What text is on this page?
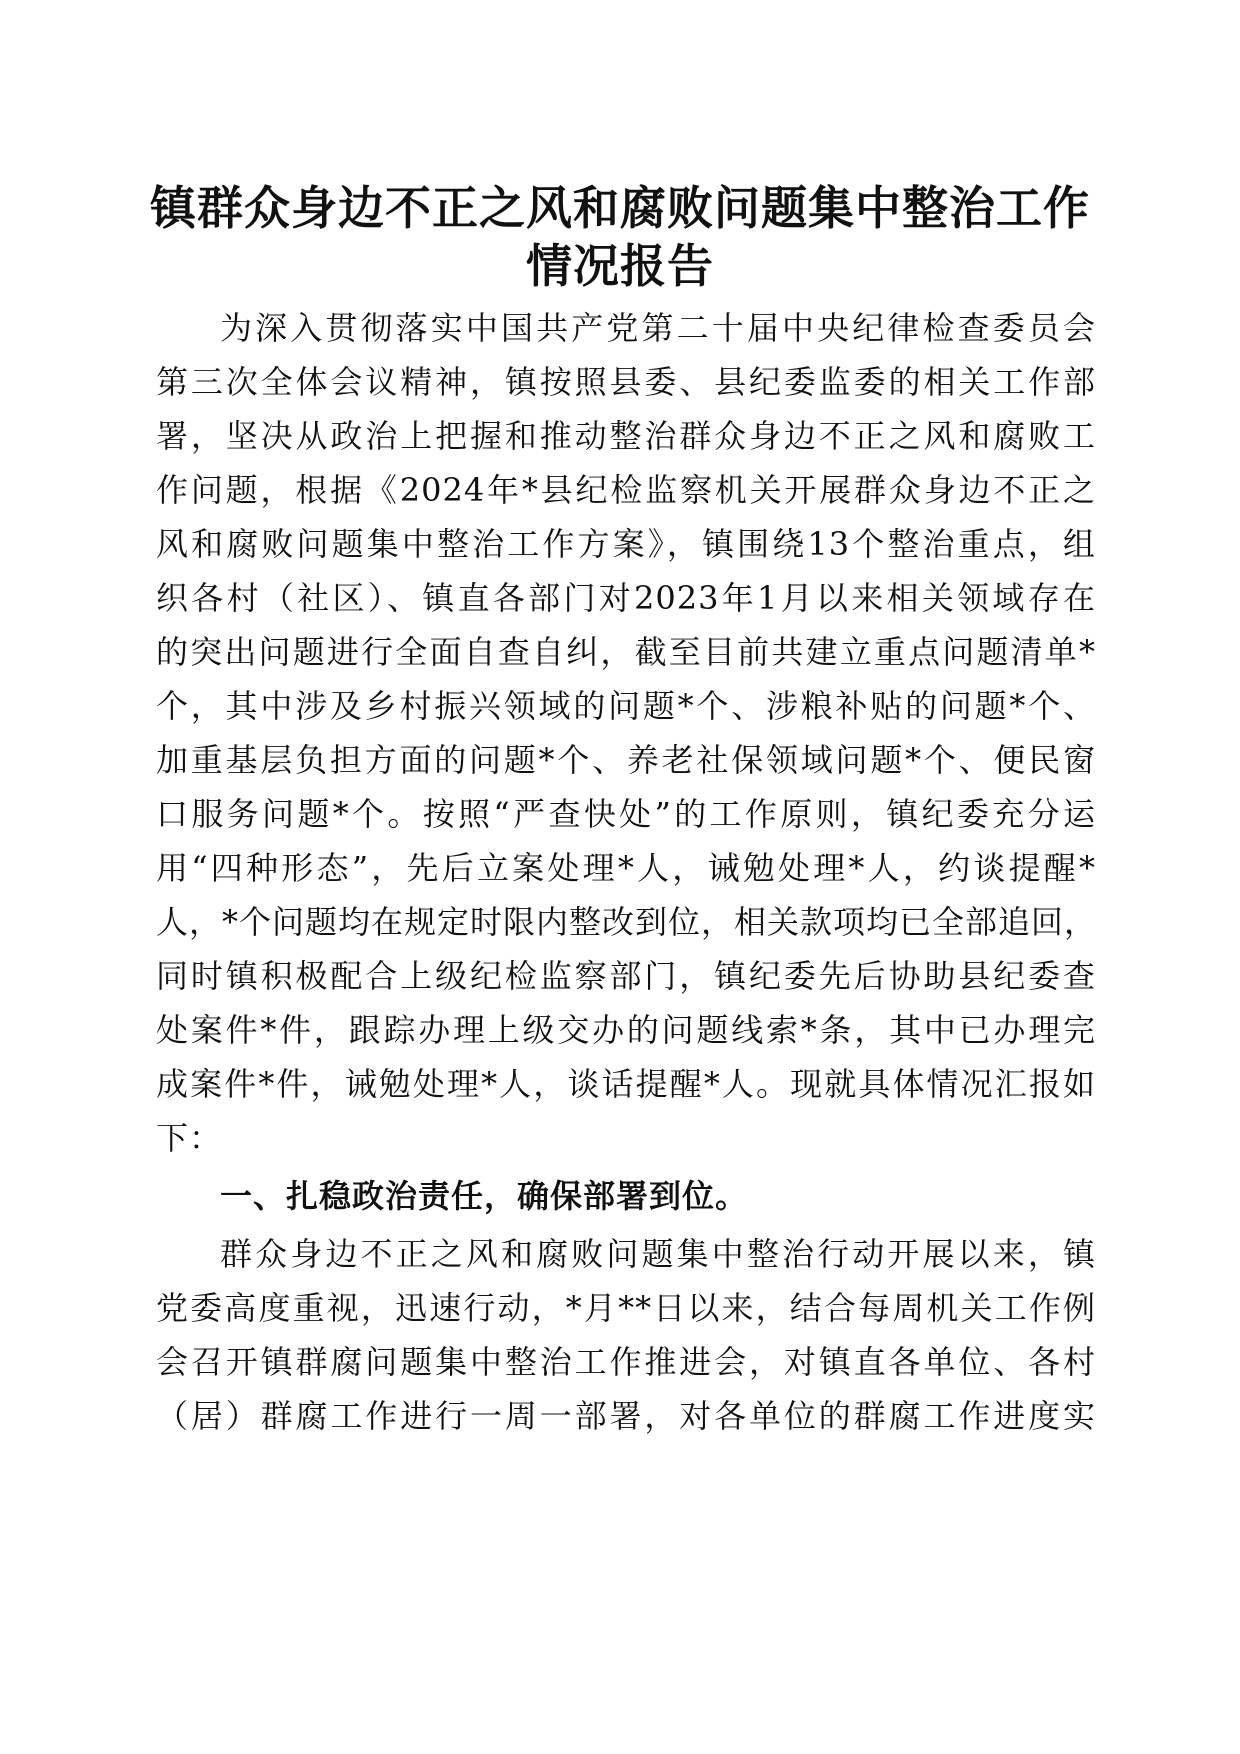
镇群众身边不正之风和腐败问题集中整治工作
情况报告
为深入贯彻落实中国共产党第二十届中央纪律检查委员会
第三次全体会议精神，镇按照县委、县纪委监委的相关工作部
署，坚决从政治上把握和推动整治群众身边不正之风和腐败工
作问题，根据《2024年*县纪检监察机关开展群众身边不正之
风和腐败问题集中整治工作方案》，镇围绕13个整治重点，组
织各村（社区）、镇直各部门对2023年1月以来相关领域存在
的突出问题进行全面自查自纠，截至目前共建立重点问题清单*
个，其中涉及乡村振兴领域的问题*个、涉粮补贴的问题*个、
加重基层负担方面的问题*个、养老社保领域问题*个、便民窗
口服务问题*个。按照“严查快处”的工作原则，镇纪委充分运
用“四种形态”，先后立案处理*人，诫勉处理*人，约谈提醒*
人，*个问题均在规定时限内整改到位，相关款项均已全部追回，
同时镇积极配合上级纪检监察部门，镇纪委先后协助县纪委查
处案件*件，跟踪办理上级交办的问题线索*条，其中已办理完
成案件*件，诫勉处理*人，谈话提醒*人。现就具体情况汇报如
下：
一、扎稳政治责任，确保部署到位。
群众身边不正之风和腐败问题集中整治行动开展以来，镇
党委高度重视，迅速行动，*月**日以来，结合每周机关工作例
会召开镇群腐问题集中整治工作推进会，对镇直各单位、各村
（居）群腐工作进行一周一部署，对各单位的群腐工作进度实
